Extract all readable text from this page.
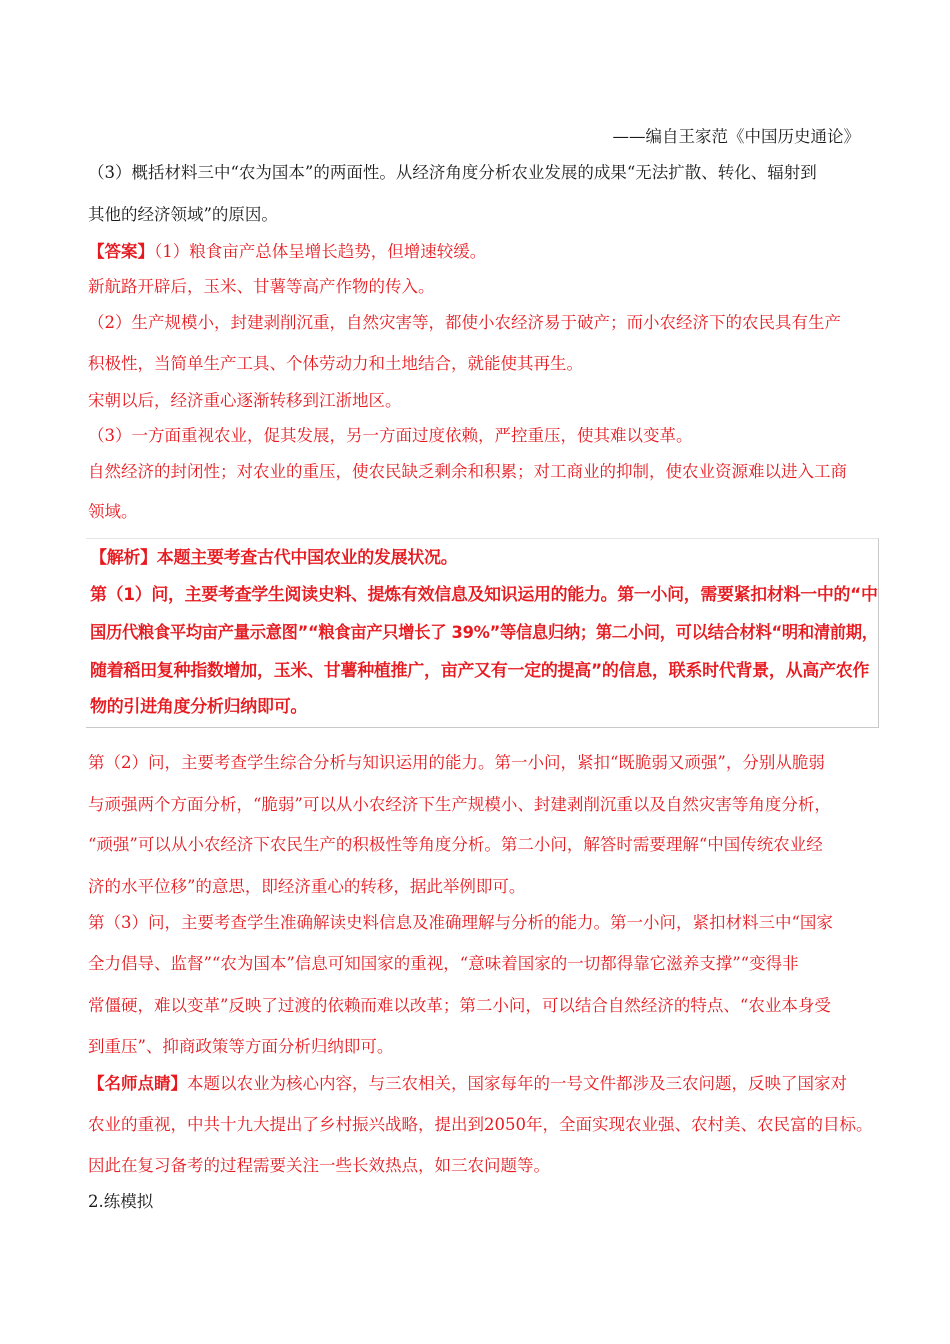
——编自王家范《中国历史通论》
（3）概括材料三中“农为国本”的两面性。从经济角度分析农业发展的成果“无法扩散、转化、辐射到
其他的经济领域”的原因。
【答案】（1）粮食亩产总体呈增长趋势，但增速较缓。
新航路开辟后，玉米、甘薯等高产作物的传入。
（2）生产规模小，封建剥削沉重，自然灾害等，都使小农经济易于破产；而小农经济下的农民具有生产
积极性，当简单生产工具、个体劳动力和土地结合，就能使其再生。
宋朝以后，经济重心逐渐转移到江浙地区。
（3）一方面重视农业，促其发展，另一方面过度依赖，严控重压，使其难以变革。
自然经济的封闭性；对农业的重压，使农民缺乏剩余和积累；对工商业的抑制，使农业资源难以进入工商
领域。
【解析】本题主要考查古代中国农业的发展状况。
第（1）问，主要考查学生阅读史料、提炼有效信息及知识运用的能力。第一小问，需要紧扣材料一中的“中
国历代粮食平均亩产量示意图”“粮食亩产只增长了 39%”等信息归纳；第二小问，可以结合材料“明和清前期，
随着稻田复种指数增加，玉米、甘薯种植推广，亩产又有一定的提高”的信息，联系时代背景，从高产农作
物的引进角度分析归纳即可。
第（2）问，主要考查学生综合分析与知识运用的能力。第一小问，紧扣“既脆弱又顽强”，分别从脆弱
与顽强两个方面分析，“脆弱”可以从小农经济下生产规模小、封建剥削沉重以及自然灾害等角度分析，
“顽强”可以从小农经济下农民生产的积极性等角度分析。第二小问，解答时需要理解“中国传统农业经
济的水平位移”的意思，即经济重心的转移，据此举例即可。
第（3）问，主要考查学生准确解读史料信息及准确理解与分析的能力。第一小问，紧扣材料三中“国家
全力倡导、监督”“农为国本”信息可知国家的重视，“意味着国家的一切都得靠它滋养支撑”“变得非
常僵硬，难以变革”反映了过渡的依赖而难以改革；第二小问，可以结合自然经济的特点、“农业本身受
到重压”、抑商政策等方面分析归纳即可。
【名师点睛】本题以农业为核心内容，与三农相关，国家每年的一号文件都涉及三农问题，反映了国家对
农业的重视，中共十九大提出了乡村振兴战略，提出到2050年，全面实现农业强、农村美、农民富的目标。
因此在复习备考的过程需要关注一些长效热点，如三农问题等。
2.练模拟
